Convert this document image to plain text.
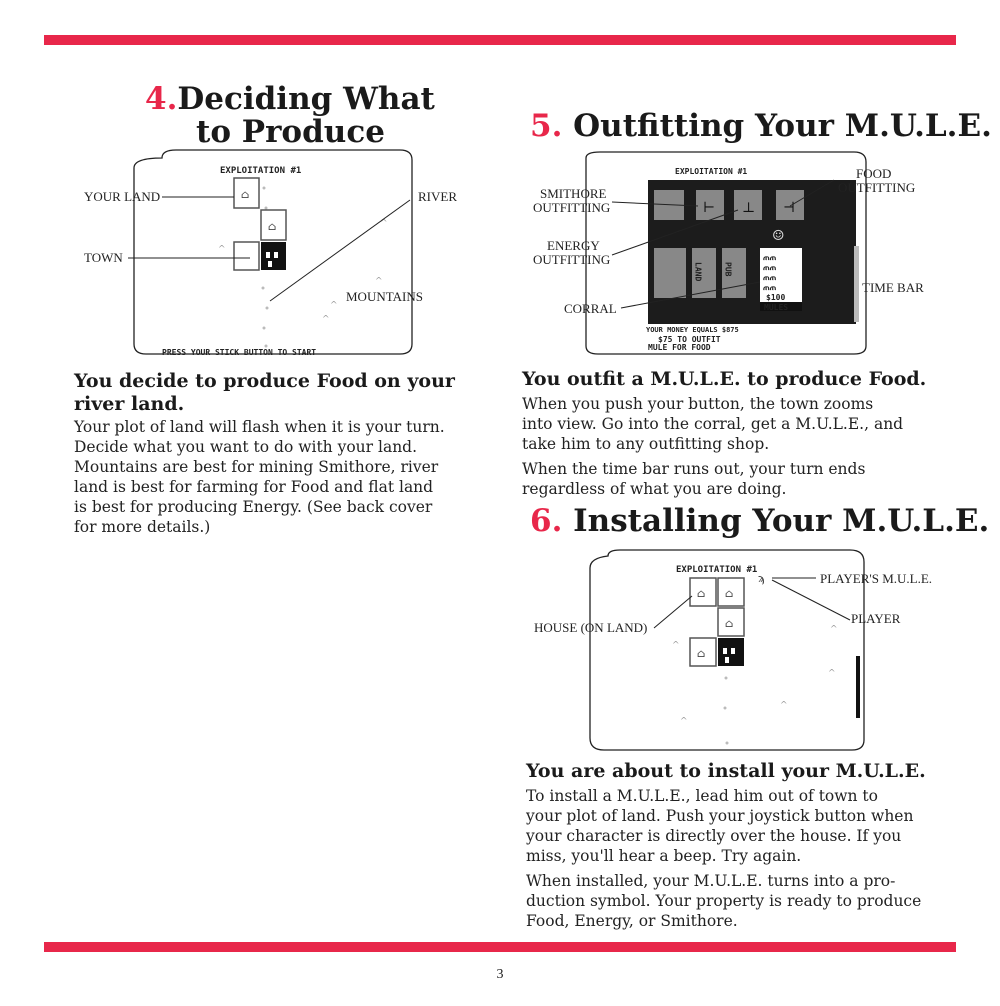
4.Deciding What
to Produce
EXPLOITATION #1
⌂
⌂	^
^
^
^
^
PRESS YOUR STICK BUTTON TO START
YOUR LAND
TOWN
RIVER
MOUNTAINS
You decide to produce Food on your
river land.
Your plot of land will flash when it is your turn.
Decide what you want to do with your land.
Mountains are best for mining Smithore, river
land is best for farming for Food and flat land
is best for producing Energy. (See back cover
for more details.)
5. Outfitting Your M.U.L.E.
EXPLOITATION #1
⊢ ⊥ ⊣
☺
LAND	PUB
ጠጠ
ጠጠ
ጠጠ
ጠጠ
$100
MULES
YOUR MONEY EQUALS $875
$75 TO OUTFIT
MULE FOR FOOD
SMITHORE
OUTFITTING
ENERGY
OUTFITTING
CORRAL
FOOD
OUTFITTING
TIME BAR
You outfit a M.U.L.E. to produce Food.

When you push your button, the town zooms
into view. Go into the corral, get a M.U.L.E., and
take him to any outfitting shop.

When the time bar runs out, your turn ends
regardless of what you are doing.

6. Installing Your M.U.L.E.
EXPLOITATION #1
⌂ ⌂
⌂
⌂
ϡ
^
^
^
^
^
PLAYER'S M.U.L.E.
PLAYER
HOUSE (ON LAND)
You are about to install your M.U.L.E.

To install a M.U.L.E., lead him out of town to
your plot of land. Push your joystick button when
your character is directly over the house. If you
miss, you'll hear a beep. Try again.

When installed, your M.U.L.E. turns into a pro-
duction symbol. Your property is ready to produce
Food, Energy, or Smithore.

3
